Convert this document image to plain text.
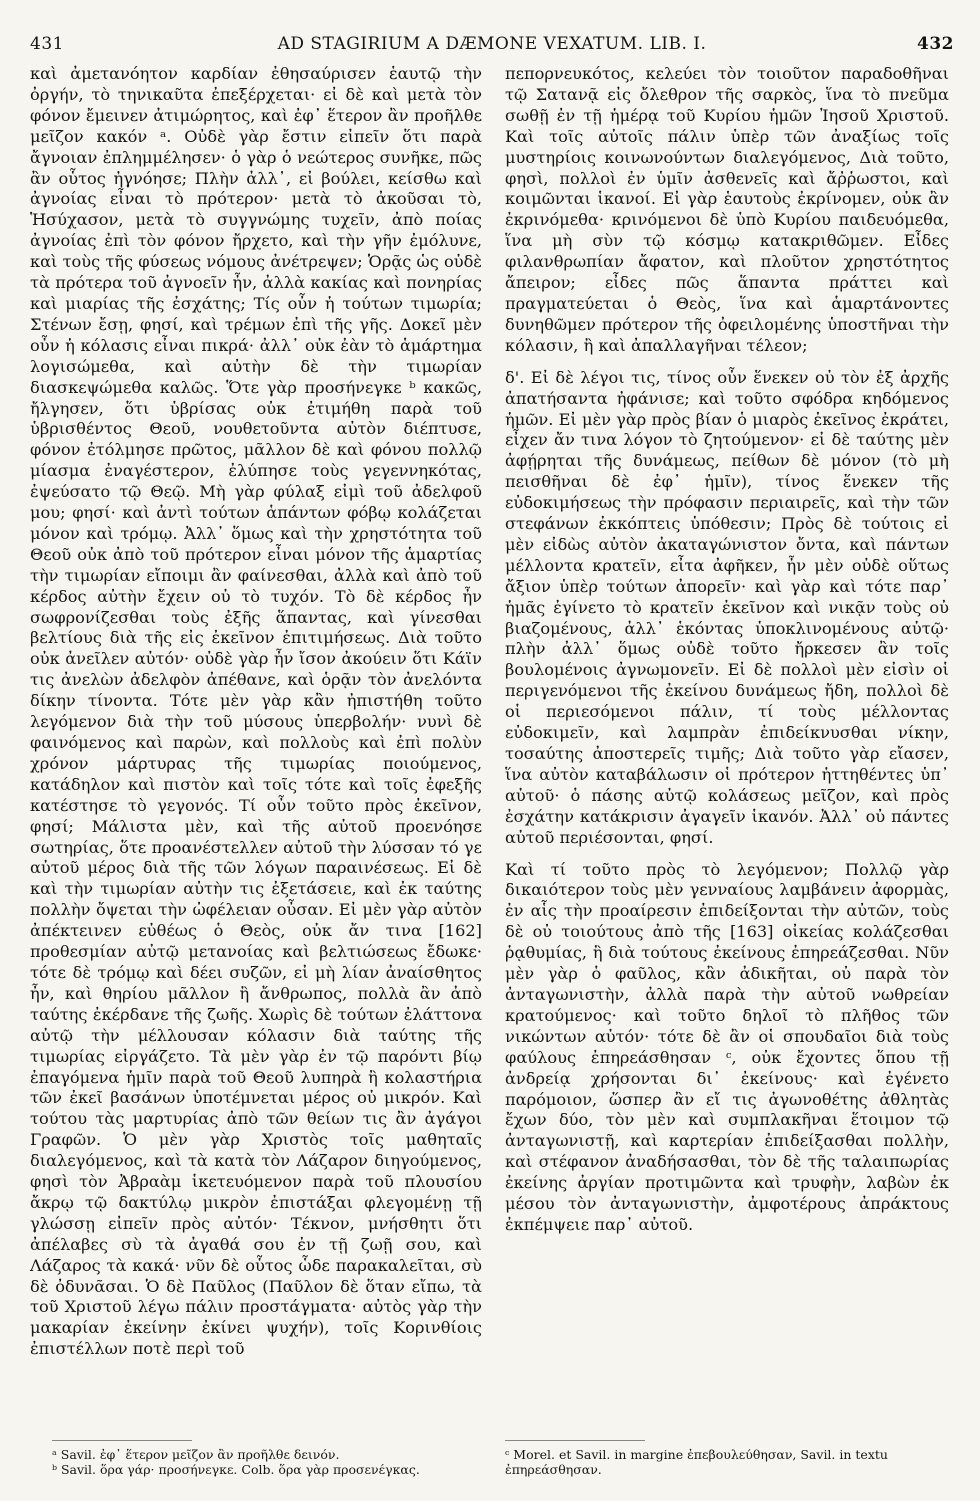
431	AD STAGIRIUM A DÆMONE VEXATUM. LIB. I.	432

καὶ ἀμετανόητον καρδίαν ἐθησαύρισεν ἑαυτῷ τὴν ὀργήν, τὸ τηνικαῦτα ἐπεξέρχεται· εἰ δὲ καὶ μετὰ τὸν φόνον ἔμεινεν ἀτιμώρητος, καὶ ἐφ᾽ ἕτερον ἂν προῆλθε μεῖζον κακόν ᵃ. Οὐδὲ γὰρ ἔστιν εἰπεῖν ὅτι παρὰ ἄγνοιαν ἐπλημμέλησεν· ὁ γὰρ ὁ νεώτερος συνῆκε, πῶς ἂν οὗτος ἠγνόησε; Πλὴν ἀλλ᾽, εἰ βούλει, κείσθω καὶ ἀγνοίας εἶναι τὸ πρότερον· μετὰ τὸ ἀκοῦσαι τὸ, Ἡσύχασον, μετὰ τὸ συγγνώμης τυχεῖν, ἀπὸ ποίας ἀγνοίας ἐπὶ τὸν φόνον ἤρχετο, καὶ τὴν γῆν ἐμόλυνε, καὶ τοὺς τῆς φύσεως νόμους ἀνέτρεψεν; Ὁρᾷς ὡς οὐδὲ τὰ πρότερα τοῦ ἀγνοεῖν ἦν, ἀλλὰ κακίας καὶ πονηρίας καὶ μιαρίας τῆς ἐσχάτης; Τίς οὖν ἡ τούτων τιμωρία; Στένων ἔσῃ, φησί, καὶ τρέμων ἐπὶ τῆς γῆς. Δοκεῖ μὲν οὖν ἡ κόλασις εἶναι πικρά· ἀλλ᾽ οὐκ ἐὰν τὸ ἁμάρτημα λογισώμεθα, καὶ αὐτὴν δὲ τὴν τιμωρίαν διασκεψώμεθα καλῶς. Ὅτε γὰρ προσήνεγκε ᵇ κακῶς, ἤλγησεν, ὅτι ὑβρίσας οὐκ ἐτιμήθη παρὰ τοῦ ὑβρισθέντος Θεοῦ, νουθετοῦντα αὐτὸν διέπτυσε, φόνον ἐτόλμησε πρῶτος, μᾶλλον δὲ καὶ φόνου πολλῷ μίασμα ἐναγέστερον, ἐλύπησε τοὺς γεγεννηκότας, ἐψεύσατο τῷ Θεῷ. Μὴ γὰρ φύλαξ εἰμὶ τοῦ ἀδελφοῦ μου; φησί· καὶ ἀντὶ τούτων ἁπάντων φόβῳ κολάζεται μόνον καὶ τρόμῳ. Ἀλλ᾽ ὅμως καὶ τὴν χρηστότητα τοῦ Θεοῦ οὐκ ἀπὸ τοῦ πρότερον εἶναι μόνον τῆς ἁμαρτίας τὴν τιμωρίαν εἴποιμι ἂν φαίνεσθαι, ἀλλὰ καὶ ἀπὸ τοῦ κέρδος αὐτὴν ἔχειν οὐ τὸ τυχόν. Τὸ δὲ κέρδος ἦν σωφρονίζεσθαι τοὺς ἐξῆς ἅπαντας, καὶ γίνεσθαι βελτίους διὰ τῆς εἰς ἐκεῖνον ἐπιτιμήσεως. Διὰ τοῦτο οὐκ ἀνεῖλεν αὐτόν· οὐδὲ γὰρ ἦν ἴσον ἀκούειν ὅτι Κάϊν τις ἀνελὼν ἀδελφὸν ἀπέθανε, καὶ ὁρᾷν τὸν ἀνελόντα δίκην τίνοντα. Τότε μὲν γὰρ κἂν ἠπιστήθη τοῦτο λεγόμενον διὰ τὴν τοῦ μύσους ὑπερβολήν· νυνὶ δὲ φαινόμενος καὶ παρὼν, καὶ πολλοὺς καὶ ἐπὶ πολὺν χρόνον μάρτυρας τῆς τιμωρίας ποιούμενος, κατάδηλον καὶ πιστὸν καὶ τοῖς τότε καὶ τοῖς ἐφεξῆς κατέστησε τὸ γεγονός. Τί οὖν τοῦτο πρὸς ἐκεῖνον, φησί; Μάλιστα μὲν, καὶ τῆς αὐτοῦ προενόησε σωτηρίας, ὅτε προανέστελλεν αὐτοῦ τὴν λύσσαν τό γε αὐτοῦ μέρος διὰ τῆς τῶν λόγων παραινέσεως. Εἰ δὲ καὶ τὴν τιμωρίαν αὐτὴν τις ἐξετάσειε, καὶ ἐκ ταύτης πολλὴν ὄψεται τὴν ὠφέλειαν οὖσαν. Εἰ μὲν γὰρ αὐτὸν ἀπέκτεινεν εὐθέως ὁ Θεὸς, οὐκ ἄν τινα [162] προθεσμίαν αὐτῷ μετανοίας καὶ βελτιώσεως ἔδωκε· τότε δὲ τρόμῳ καὶ δέει συζῶν, εἰ μὴ λίαν ἀναίσθητος ἦν, καὶ θηρίου μᾶλλον ἢ ἄνθρωπος, πολλὰ ἂν ἀπὸ ταύτης ἐκέρδανε τῆς ζωῆς. Χωρὶς δὲ τούτων ἐλάττονα αὐτῷ τὴν μέλλουσαν κόλασιν διὰ ταύτης τῆς τιμωρίας εἰργάζετο. Τὰ μὲν γὰρ ἐν τῷ παρόντι βίῳ ἐπαγόμενα ἡμῖν παρὰ τοῦ Θεοῦ λυπηρὰ ἢ κολαστήρια τῶν ἐκεῖ βασάνων ὑποτέμνεται μέρος οὐ μικρόν. Καὶ τούτου τὰς μαρτυρίας ἀπὸ τῶν θείων τις ἂν ἀγάγοι Γραφῶν. Ὁ μὲν γὰρ Χριστὸς τοῖς μαθηταῖς διαλεγόμενος, καὶ τὰ κατὰ τὸν Λάζαρον διηγούμενος, φησὶ τὸν Ἀβραὰμ ἱκετευόμενον παρὰ τοῦ πλουσίου ἄκρῳ τῷ δακτύλῳ μικρὸν ἐπιστάξαι φλεγομένῃ τῇ γλώσσῃ εἰπεῖν πρὸς αὐτόν· Τέκνον, μνήσθητι ὅτι ἀπέλαβες σὺ τὰ ἀγαθά σου ἐν τῇ ζωῇ σου, καὶ Λάζαρος τὰ κακά· νῦν δὲ οὗτος ὧδε παρακαλεῖται, σὺ δὲ ὀδυνᾶσαι. Ὁ δὲ Παῦλος (Παῦλον δὲ ὅταν εἴπω, τὰ τοῦ Χριστοῦ λέγω πάλιν προστάγματα· αὐτὸς γὰρ τὴν μακαρίαν ἐκείνην ἐκίνει ψυχήν), τοῖς Κορινθίοις ἐπιστέλλων ποτὲ περὶ τοῦ

πεπορνευκότος, κελεύει τὸν τοιοῦτον παραδοθῆναι τῷ Σατανᾷ εἰς ὄλεθρον τῆς σαρκὸς, ἵνα τὸ πνεῦμα σωθῇ ἐν τῇ ἡμέρᾳ τοῦ Κυρίου ἡμῶν Ἰησοῦ Χριστοῦ. Καὶ τοῖς αὐτοῖς πάλιν ὑπὲρ τῶν ἀναξίως τοῖς μυστηρίοις κοινωνούντων διαλεγόμενος, Διὰ τοῦτο, φησὶ, πολλοὶ ἐν ὑμῖν ἀσθενεῖς καὶ ἄῤῥωστοι, καὶ κοιμῶνται ἱκανοί. Εἰ γὰρ ἑαυτοὺς ἐκρίνομεν, οὐκ ἂν ἐκρινόμεθα· κρινόμενοι δὲ ὑπὸ Κυρίου παιδευόμεθα, ἵνα μὴ σὺν τῷ κόσμῳ κατακριθῶμεν. Εἶδες φιλανθρωπίαν ἄφατον, καὶ πλοῦτον χρηστότητος ἄπειρον; εἶδες πῶς ἅπαντα πράττει καὶ πραγματεύεται ὁ Θεὸς, ἵνα καὶ ἁμαρτάνοντες δυνηθῶμεν πρότερον τῆς ὀφειλομένης ὑποστῆναι τὴν κόλασιν, ἢ καὶ ἀπαλλαγῆναι τέλεον;

δ'. Εἰ δὲ λέγοι τις, τίνος οὖν ἕνεκεν οὐ τὸν ἐξ ἀρχῆς ἀπατήσαντα ἠφάνισε; καὶ τοῦτο σφόδρα κηδόμενος ἡμῶν. Εἰ μὲν γὰρ πρὸς βίαν ὁ μιαρὸς ἐκεῖνος ἐκράτει, εἶχεν ἄν τινα λόγον τὸ ζητούμενον· εἰ δὲ ταύτης μὲν ἀφῄρηται τῆς δυνάμεως, πείθων δὲ μόνον (τὸ μὴ πεισθῆναι δὲ ἐφ᾽ ἡμῖν), τίνος ἕνεκεν τῆς εὐδοκιμήσεως τὴν πρόφασιν περιαιρεῖς, καὶ τὴν τῶν στεφάνων ἐκκόπτεις ὑπόθεσιν; Πρὸς δὲ τούτοις εἰ μὲν εἰδὼς αὐτὸν ἀκαταγώνιστον ὄντα, καὶ πάντων μέλλοντα κρατεῖν, εἶτα ἀφῆκεν, ἦν μὲν οὐδὲ οὕτως ἄξιον ὑπὲρ τούτων ἀπορεῖν· καὶ γὰρ καὶ τότε παρ᾽ ἡμᾶς ἐγίνετο τὸ κρατεῖν ἐκεῖνον καὶ νικᾷν τοὺς οὐ βιαζομένους, ἀλλ᾽ ἑκόντας ὑποκλινομένους αὐτῷ· πλὴν ἀλλ᾽ ὅμως οὐδὲ τοῦτο ἤρκεσεν ἂν τοῖς βουλομένοις ἀγνωμονεῖν. Εἰ δὲ πολλοὶ μὲν εἰσὶν οἱ περιγενόμενοι τῆς ἐκείνου δυνάμεως ἤδη, πολλοὶ δὲ οἱ περιεσόμενοι πάλιν, τί τοὺς μέλλοντας εὐδοκιμεῖν, καὶ λαμπρὰν ἐπιδείκνυσθαι νίκην, τοσαύτης ἀποστερεῖς τιμῆς; Διὰ τοῦτο γὰρ εἴασεν, ἵνα αὐτὸν καταβάλωσιν οἱ πρότερον ἡττηθέντες ὑπ᾽ αὐτοῦ· ὁ πάσης αὐτῷ κολάσεως μεῖζον, καὶ πρὸς ἐσχάτην κατάκρισιν ἀγαγεῖν ἱκανόν. Ἀλλ᾽ οὐ πάντες αὐτοῦ περιέσονται, φησί.

Καὶ τί τοῦτο πρὸς τὸ λεγόμενον; Πολλῷ γὰρ δικαιότερον τοὺς μὲν γενναίους λαμβάνειν ἀφορμὰς, ἐν αἷς τὴν προαίρεσιν ἐπιδείξονται τὴν αὐτῶν, τοὺς δὲ οὐ τοιούτους ἀπὸ τῆς [163] οἰκείας κολάζεσθαι ῥᾳθυμίας, ἢ διὰ τούτους ἐκείνους ἐπηρεάζεσθαι. Νῦν μὲν γὰρ ὁ φαῦλος, κἂν ἀδικῆται, οὐ παρὰ τὸν ἀνταγωνιστὴν, ἀλλὰ παρὰ τὴν αὐτοῦ νωθρείαν κρατούμενος· καὶ τοῦτο δηλοῖ τὸ πλῆθος τῶν νικώντων αὐτόν· τότε δὲ ἂν οἱ σπουδαῖοι διὰ τοὺς φαύλους ἐπηρεάσθησαν ᶜ, οὐκ ἔχοντες ὅπου τῇ ἀνδρείᾳ χρήσονται δι᾽ ἐκείνους· καὶ ἐγένετο παρόμοιον, ὥσπερ ἂν εἴ τις ἀγωνοθέτης ἀθλητὰς ἔχων δύο, τὸν μὲν καὶ συμπλακῆναι ἕτοιμον τῷ ἀνταγωνιστῇ, καὶ καρτερίαν ἐπιδείξασθαι πολλὴν, καὶ στέφανον ἀναδήσασθαι, τὸν δὲ τῆς ταλαιπωρίας ἐκείνης ἀργίαν προτιμῶντα καὶ τρυφὴν, λαβὼν ἐκ μέσου τὸν ἀνταγωνιστὴν, ἀμφοτέρους ἀπράκτους ἐκπέμψειε παρ᾽ αὐτοῦ.

ᵃ Savil. ἐφ᾽ ἕτερον μεῖζον ἂν προῆλθε δεινόν.
ᵇ Savil. ὅρα γάρ· προσήνεγκε. Colb. ὅρα γὰρ προσενέγκας.
ᶜ Morel. et Savil. in margine ἐπεβουλεύθησαν, Savil. in textu ἐπηρεάσθησαν.
